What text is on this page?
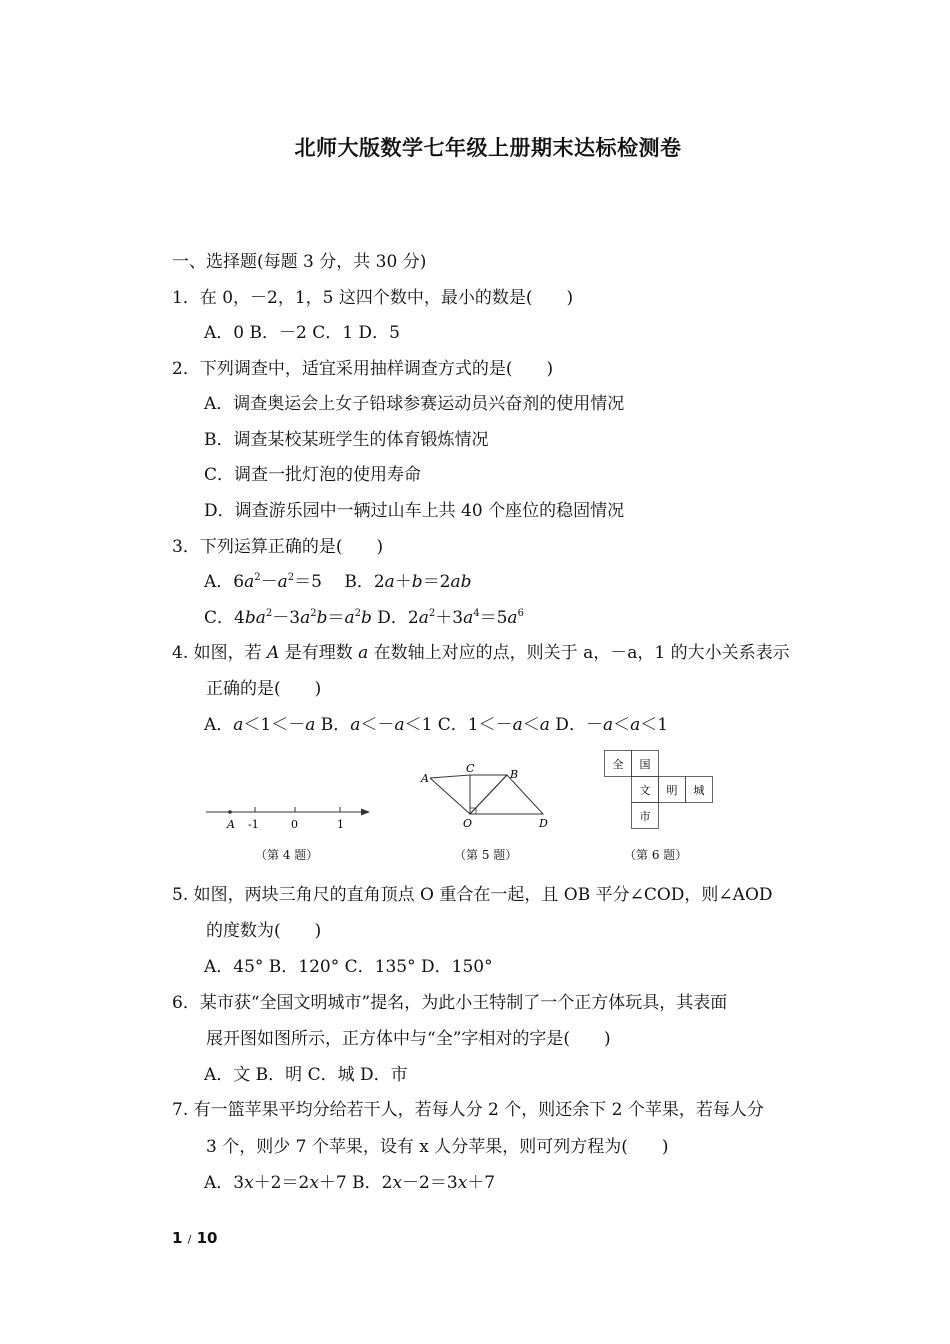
北师大版数学七年级上册期末达标检测卷
一、选择题(每题 3 分，共 30 分)
1．在 0，－2，1，5 这四个数中，最小的数是(　　)
A．0 B．－2 C．1 D．5
2．下列调查中，适宜采用抽样调查方式的是(　　)
A．调查奥运会上女子铅球参赛运动员兴奋剂的使用情况
B．调查某校某班学生的体育锻炼情况
C．调查一批灯泡的使用寿命
D．调查游乐园中一辆过山车上共 40 个座位的稳固情况
3．下列运算正确的是(　　)
A．$6a^2-a^2=5$　 B．2a＋b＝2ab
C．$4ba^2-3a^2b=a^2b$ D．$2a^2+3a^4=5a^6$
4. 如图，若 A 是有理数 a 在数轴上对应的点，则关于 a，－a，1 的大小关系表示
正确的是(　　)
A．a＜1＜－a B．a＜－a＜1 C．1＜－a＜a D．－a＜a＜1
A -1	0	1
（第 4 题）
A
C	B
O	D
（第 5 题）
全 国
文 明 城
市
（第 6 题）
5. 如图，两块三角尺的直角顶点 O 重合在一起，且 OB 平分∠COD，则∠AOD
的度数为(　　)
A．45° B．120° C．135° D．150°
6．某市获“全国文明城市”提名，为此小王特制了一个正方体玩具，其表面
展开图如图所示，正方体中与“全”字相对的字是(　　)
A．文 B．明 C．城 D．市
7. 有一篮苹果平均分给若干人，若每人分 2 个，则还余下 2 个苹果，若每人分
3 个，则少 7 个苹果，设有 x 人分苹果，则可列方程为(　　)
A．3x＋2＝2x＋7 B．2x－2＝3x＋7
1 / 10
